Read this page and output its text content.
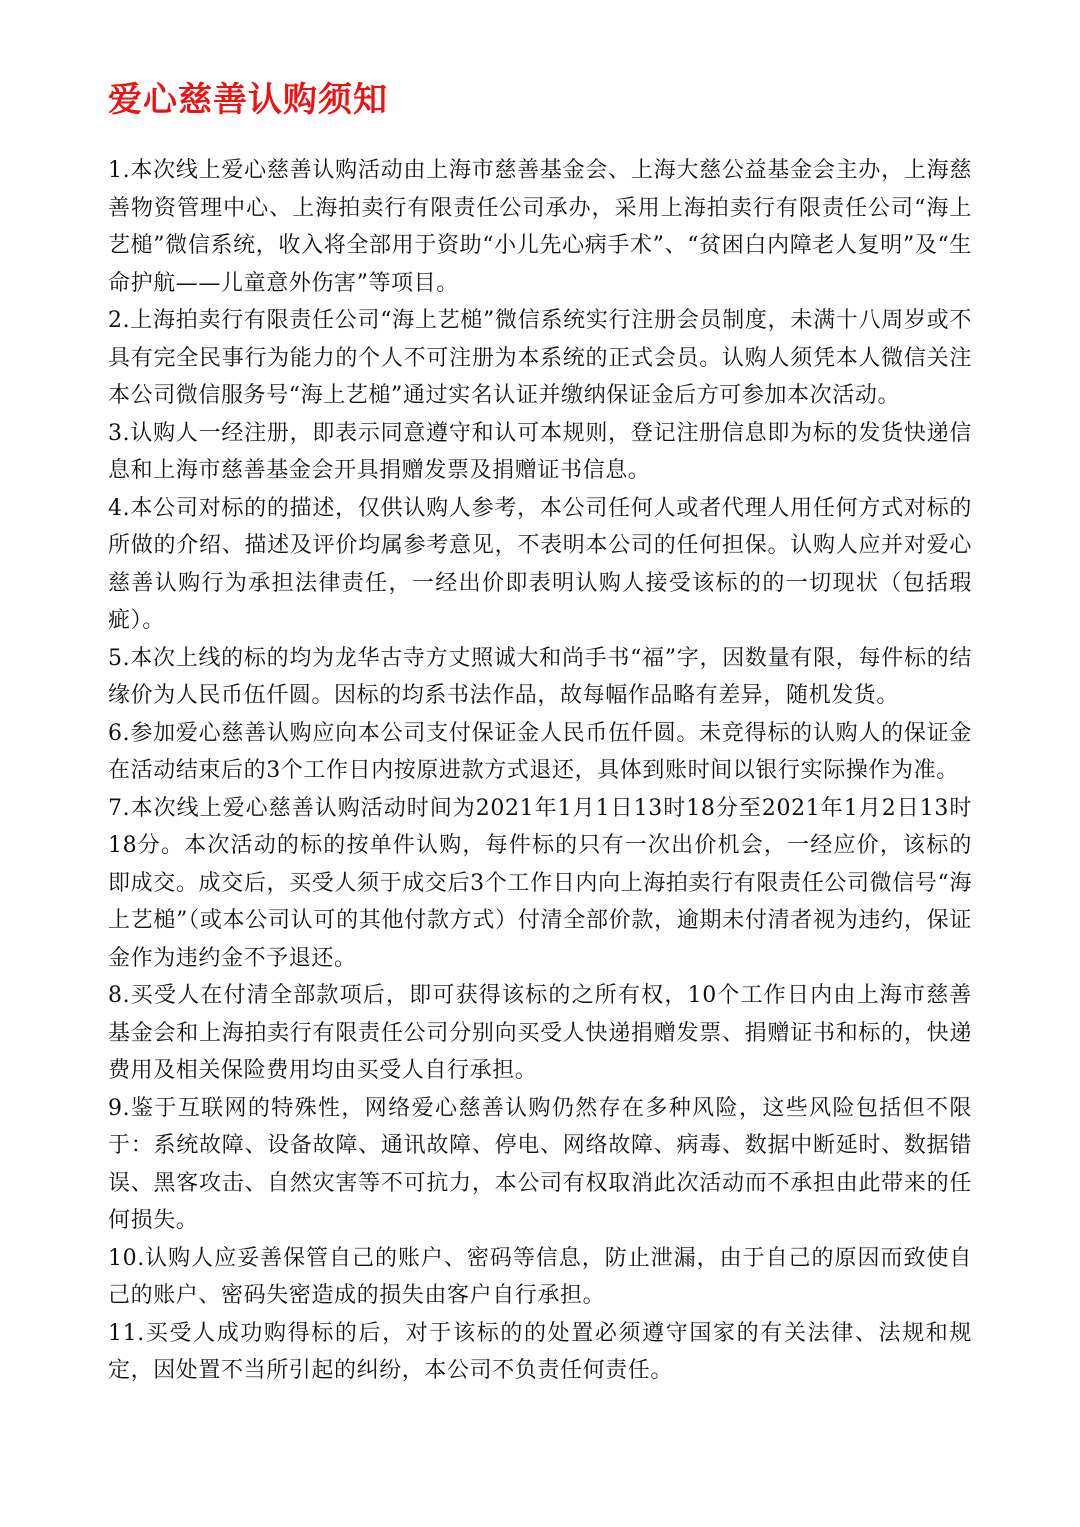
爱心慈善认购须知

1.本次线上爱心慈善认购活动由上海市慈善基金会、上海大慈公益基金会主办，上海慈善物资管理中心、上海拍卖行有限责任公司承办，采用上海拍卖行有限责任公司“海上艺槌”微信系统，收入将全部用于资助“小儿先心病手术”、“贫困白内障老人复明”及“生命护航——儿童意外伤害”等项目。

2.上海拍卖行有限责任公司“海上艺槌”微信系统实行注册会员制度，未满十八周岁或不具有完全民事行为能力的个人不可注册为本系统的正式会员。认购人须凭本人微信关注本公司微信服务号“海上艺槌”通过实名认证并缴纳保证金后方可参加本次活动。

3.认购人一经注册，即表示同意遵守和认可本规则，登记注册信息即为标的发货快递信息和上海市慈善基金会开具捐赠发票及捐赠证书信息。

4.本公司对标的的描述，仅供认购人参考，本公司任何人或者代理人用任何方式对标的所做的介绍、描述及评价均属参考意见，不表明本公司的任何担保。认购人应并对爱心慈善认购行为承担法律责任，一经出价即表明认购人接受该标的的一切现状（包括瑕疵）。

5.本次上线的标的均为龙华古寺方丈照诚大和尚手书“福”字，因数量有限，每件标的结缘价为人民币伍仟圆。因标的均系书法作品，故每幅作品略有差异，随机发货。

6.参加爱心慈善认购应向本公司支付保证金人民币伍仟圆。未竞得标的认购人的保证金在活动结束后的3个工作日内按原进款方式退还，具体到账时间以银行实际操作为准。

7.本次线上爱心慈善认购活动时间为2021年1月1日13时18分至2021年1月2日13时18分。本次活动的标的按单件认购，每件标的只有一次出价机会，一经应价，该标的即成交。成交后，买受人须于成交后3个工作日内向上海拍卖行有限责任公司微信号“海上艺槌”（或本公司认可的其他付款方式）付清全部价款，逾期未付清者视为违约，保证金作为违约金不予退还。

8.买受人在付清全部款项后，即可获得该标的之所有权，10个工作日内由上海市慈善基金会和上海拍卖行有限责任公司分别向买受人快递捐赠发票、捐赠证书和标的，快递费用及相关保险费用均由买受人自行承担。

9.鉴于互联网的特殊性，网络爱心慈善认购仍然存在多种风险，这些风险包括但不限于：系统故障、设备故障、通讯故障、停电、网络故障、病毒、数据中断延时、数据错误、黑客攻击、自然灾害等不可抗力，本公司有权取消此次活动而不承担由此带来的任何损失。

10.认购人应妥善保管自己的账户、密码等信息，防止泄漏，由于自己的原因而致使自己的账户、密码失密造成的损失由客户自行承担。

11.买受人成功购得标的后，对于该标的的处置必须遵守国家的有关法律、法规和规定，因处置不当所引起的纠纷，本公司不负责任何责任。
